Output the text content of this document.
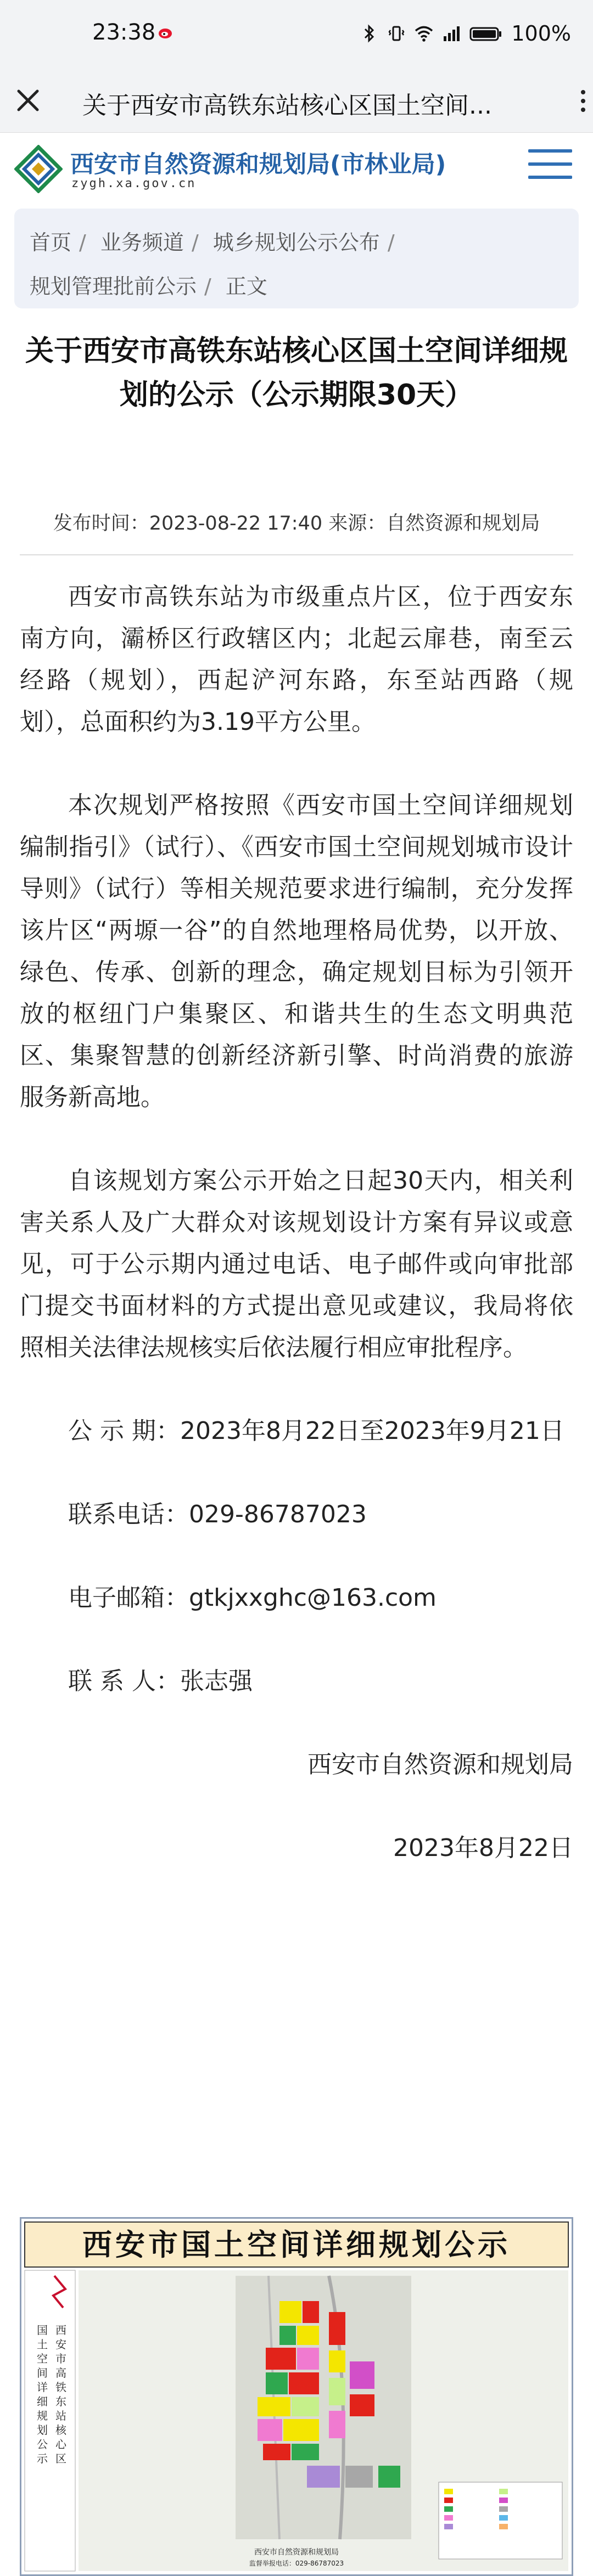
23:38	100%
关于西安市高铁东站核心区国土空间...
西安市自然资源和规划局(市林业局)
zygh.xa.gov.cn
首页 / 业务频道 / 城乡规划公示公布 /
规划管理批前公示 / 正文
关于西安市高铁东站核心区国土空间详细规划的公示（公示期限30天）
发布时间：2023-08-22 17:40 来源：自然资源和规划局

西安市高铁东站为市级重点片区，位于西安东南方向，灞桥区行政辖区内；北起云扉巷，南至云经路（规划），西起浐河东路，东至站西路（规划），总面积约为3.19平方公里。

本次规划严格按照《西安市国土空间详细规划编制指引》（试行）、《西安市国土空间规划城市设计导则》（试行）等相关规范要求进行编制，充分发挥该片区“两塬一谷”的自然地理格局优势，以开放、绿色、传承、创新的理念，确定规划目标为引领开放的枢纽门户集聚区、和谐共生的生态文明典范区、集聚智慧的创新经济新引擎、时尚消费的旅游服务新高地。

自该规划方案公示开始之日起30天内，相关利害关系人及广大群众对该规划设计方案有异议或意见，可于公示期内通过电话、电子邮件或向审批部门提交书面材料的方式提出意见或建议，我局将依照相关法律法规核实后依法履行相应审批程序。

公 示 期：2023年8月22日至2023年9月21日

联系电话：029-86787023

电子邮箱：gtkjxxghc@163.com

联 系 人：张志强

西安市自然资源和规划局

2023年8月22日

西安市国土空间详细规划公示
西
安
市
高
铁
东
站
核
心
区
国
土
空
间
详
细
规
划
公
示
西安市自然资源和规划局
监督举报电话：029-86787023
